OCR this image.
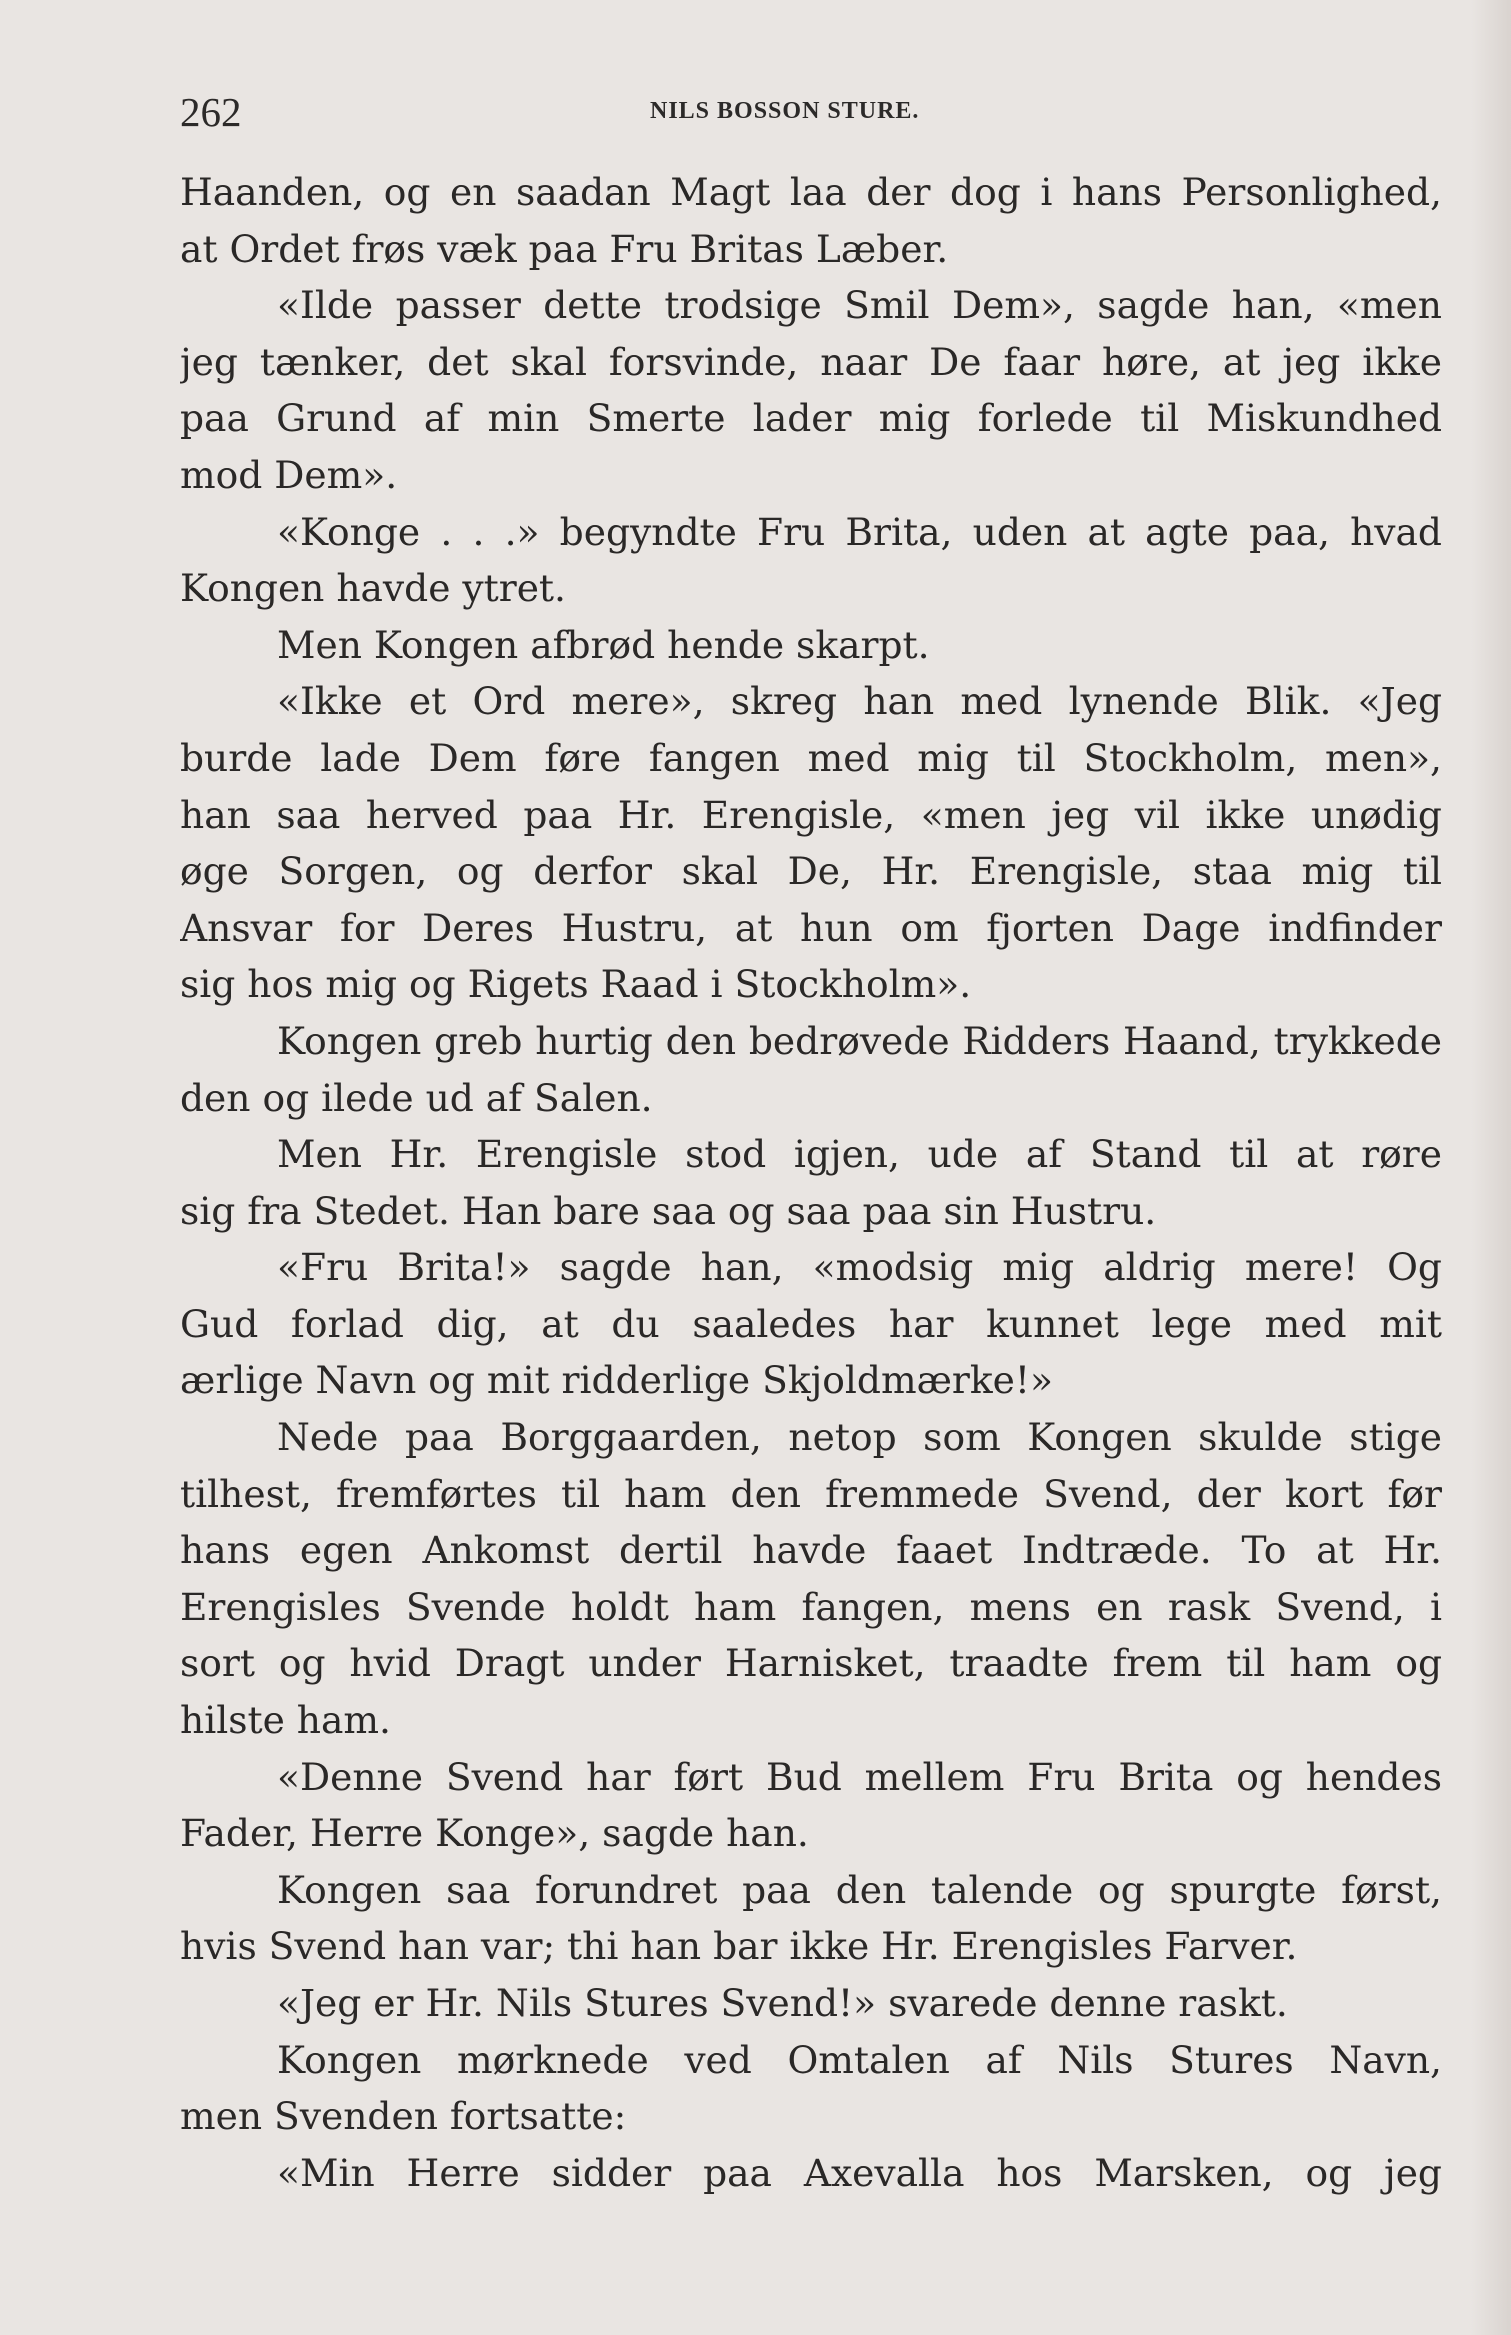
262	NILS BOSSON STURE.
Haanden, og en saadan Magt laa der dog i hans Personlighed,
at Ordet frøs væk paa Fru Britas Læber.
«Ilde passer dette trodsige Smil Dem», sagde han, «men
jeg tænker, det skal forsvinde, naar De faar høre, at jeg ikke
paa Grund af min Smerte lader mig forlede til Miskundhed
mod Dem».
«Konge . . .» begyndte Fru Brita, uden at agte paa, hvad
Kongen havde ytret.
Men Kongen afbrød hende skarpt.
«Ikke et Ord mere», skreg han med lynende Blik. «Jeg
burde lade Dem føre fangen med mig til Stockholm, men»,
han saa herved paa Hr. Erengisle, «men jeg vil ikke unødig
øge Sorgen, og derfor skal De, Hr. Erengisle, staa mig til
Ansvar for Deres Hustru, at hun om fjorten Dage indfinder
sig hos mig og Rigets Raad i Stockholm».
Kongen greb hurtig den bedrøvede Ridders Haand, trykkede
den og ilede ud af Salen.
Men Hr. Erengisle stod igjen, ude af Stand til at røre
sig fra Stedet. Han bare saa og saa paa sin Hustru.
«Fru Brita!» sagde han, «modsig mig aldrig mere! Og
Gud forlad dig, at du saaledes har kunnet lege med mit
ærlige Navn og mit ridderlige Skjoldmærke!»
Nede paa Borggaarden, netop som Kongen skulde stige
tilhest, fremførtes til ham den fremmede Svend, der kort før
hans egen Ankomst dertil havde faaet Indtræde. To at Hr.
Erengisles Svende holdt ham fangen, mens en rask Svend, i
sort og hvid Dragt under Harnisket, traadte frem til ham og
hilste ham.
«Denne Svend har ført Bud mellem Fru Brita og hendes
Fader, Herre Konge», sagde han.
Kongen saa forundret paa den talende og spurgte først,
hvis Svend han var; thi han bar ikke Hr. Erengisles Farver.
«Jeg er Hr. Nils Stures Svend!» svarede denne raskt.
Kongen mørknede ved Omtalen af Nils Stures Navn,
men Svenden fortsatte:
«Min Herre sidder paa Axevalla hos Marsken, og jeg
